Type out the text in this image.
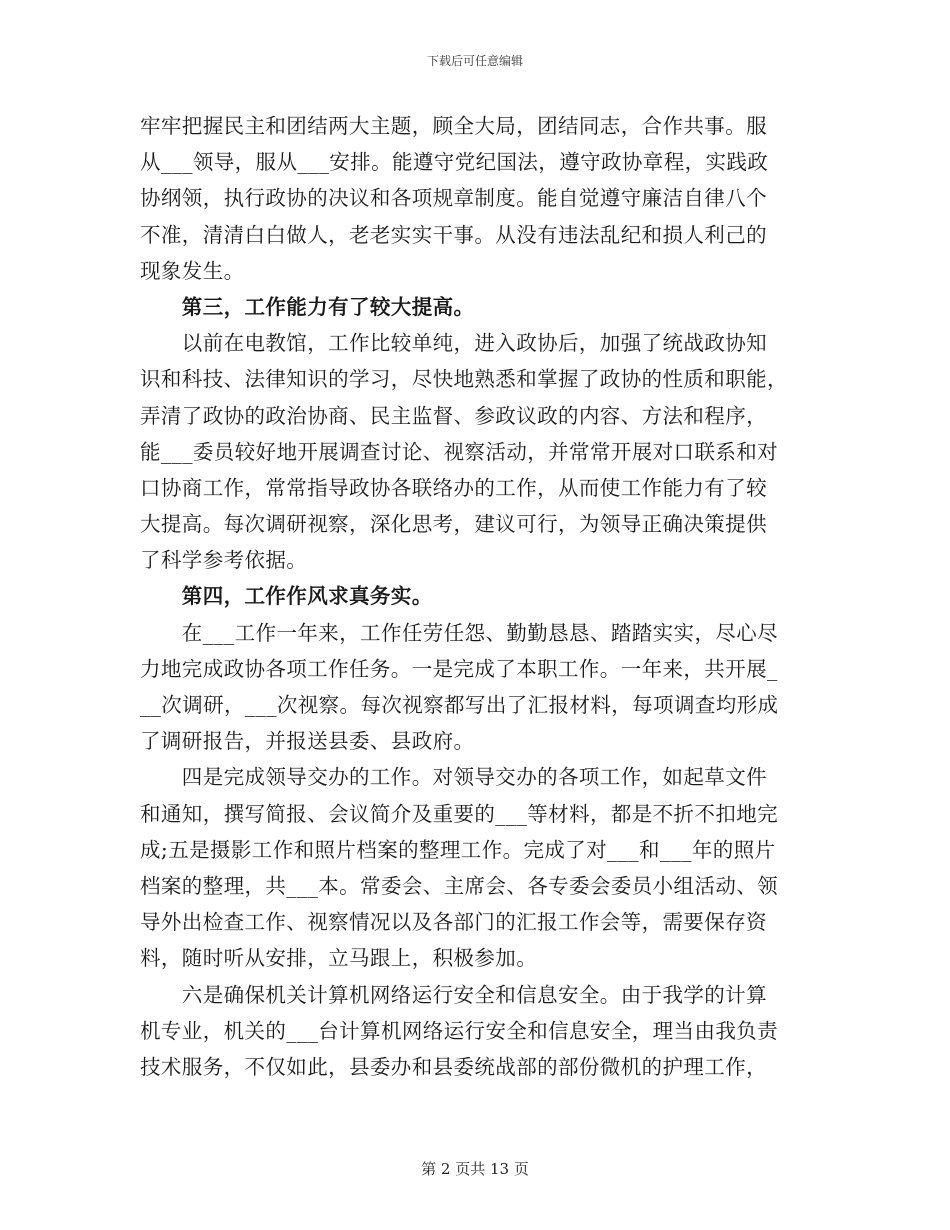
下载后可任意编辑
牢牢把握民主和团结两大主题，顾全大局，团结同志，合作共事。服
从___领导，服从___安排。能遵守党纪国法，遵守政协章程，实践政
协纲领，执行政协的决议和各项规章制度。能自觉遵守廉洁自律八个
不准，清清白白做人，老老实实干事。从没有违法乱纪和损人利己的
现象发生。
　　第三，工作能力有了较大提高。
　　以前在电教馆，工作比较单纯，进入政协后，加强了统战政协知
识和科技、法律知识的学习，尽快地熟悉和掌握了政协的性质和职能，
弄清了政协的政治协商、民主监督、参政议政的内容、方法和程序，
能___委员较好地开展调查讨论、视察活动，并常常开展对口联系和对
口协商工作，常常指导政协各联络办的工作，从而使工作能力有了较
大提高。每次调研视察，深化思考，建议可行，为领导正确决策提供
了科学参考依据。
　　第四，工作作风求真务实。
　　在___工作一年来，工作任劳任怨、勤勤恳恳、踏踏实实，尽心尽
力地完成政协各项工作任务。一是完成了本职工作。一年来，共开展_
__次调研，___次视察。每次视察都写出了汇报材料，每项调查均形成
了调研报告，并报送县委、县政府。
　　四是完成领导交办的工作。对领导交办的各项工作，如起草文件
和通知，撰写简报、会议简介及重要的___等材料，都是不折不扣地完
成;五是摄影工作和照片档案的整理工作。完成了对___和___年的照片
档案的整理，共___本。常委会、主席会、各专委会委员小组活动、领
导外出检查工作、视察情况以及各部门的汇报工作会等，需要保存资
料，随时听从安排，立马跟上，积极参加。
　　六是确保机关计算机网络运行安全和信息安全。由于我学的计算
机专业，机关的___台计算机网络运行安全和信息安全，理当由我负责
技术服务，不仅如此，县委办和县委统战部的部份微机的护理工作，
第 2 页共 13 页
